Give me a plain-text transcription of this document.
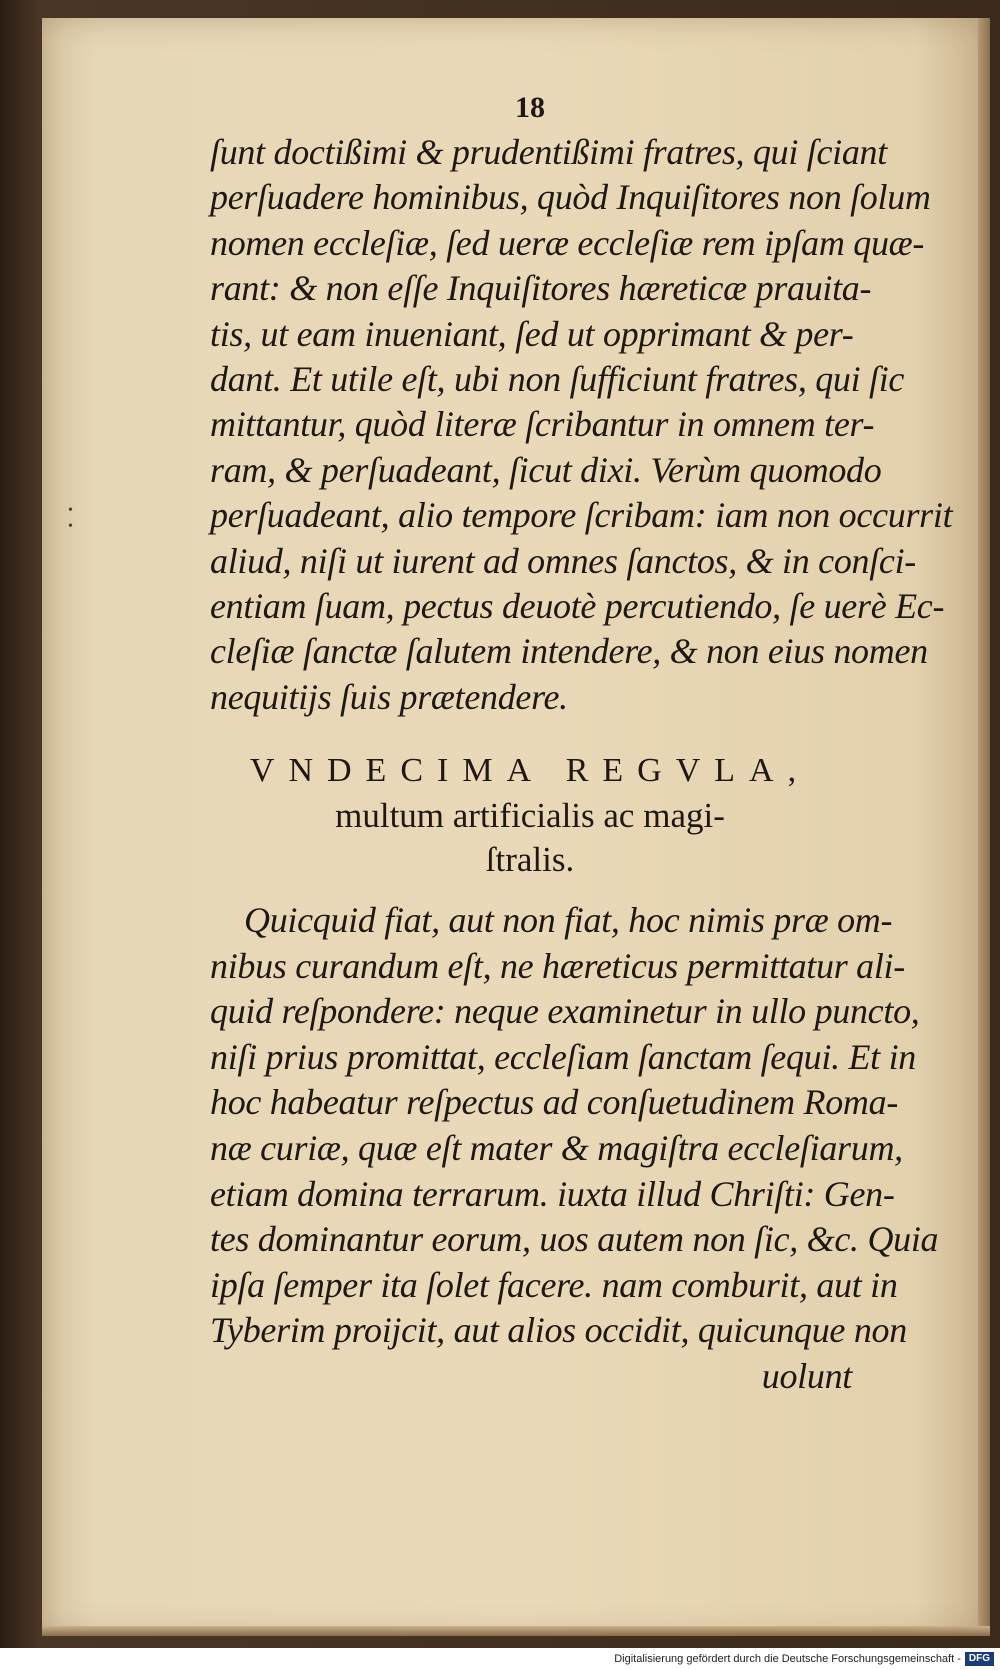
• •
18
ſunt doctißimi & prudentißimi fratres, qui ſciant
perſuadere hominibus, quòd Inquiſitores non ſolum
nomen eccleſiæ, ſed ueræ eccleſiæ rem ipſam quæ-
rant: & non eſſe Inquiſitores hæreticæ prauita-
tis, ut eam inueniant, ſed ut opprimant & per-
dant. Et utile eſt, ubi non ſufficiunt fratres, qui ſic
mittantur, quòd literæ ſcribantur in omnem ter-
ram, & perſuadeant, ſicut dixi. Verùm quomodo
perſuadeant, alio tempore ſcribam: iam non occurrit
aliud, niſi ut iurent ad omnes ſanctos, & in conſci-
entiam ſuam, pectus deuotè percutiendo, ſe uerè Ec-
cleſiæ ſanctæ ſalutem intendere, & non eius nomen
nequitijs ſuis prætendere.
VNDECIMA REGVLA,
multum artificialis ac magi-
ſtralis.
Quicquid fiat, aut non fiat, hoc nimis præ om-
nibus curandum eſt, ne hæreticus permittatur ali-
quid reſpondere: neque examinetur in ullo puncto,
niſi prius promittat, eccleſiam ſanctam ſequi. Et in
hoc habeatur reſpectus ad conſuetudinem Roma-
næ curiæ, quæ eſt mater & magiſtra eccleſiarum,
etiam domina terrarum. iuxta illud Chriſti: Gen-
tes dominantur eorum, uos autem non ſic, &c. Quia
ipſa ſemper ita ſolet facere. nam comburit, aut in
Tyberim proijcit, aut alios occidit, quicunque non
uolunt
Digitalisierung gefördert durch die Deutsche Forschungsgemeinschaft - DFG
